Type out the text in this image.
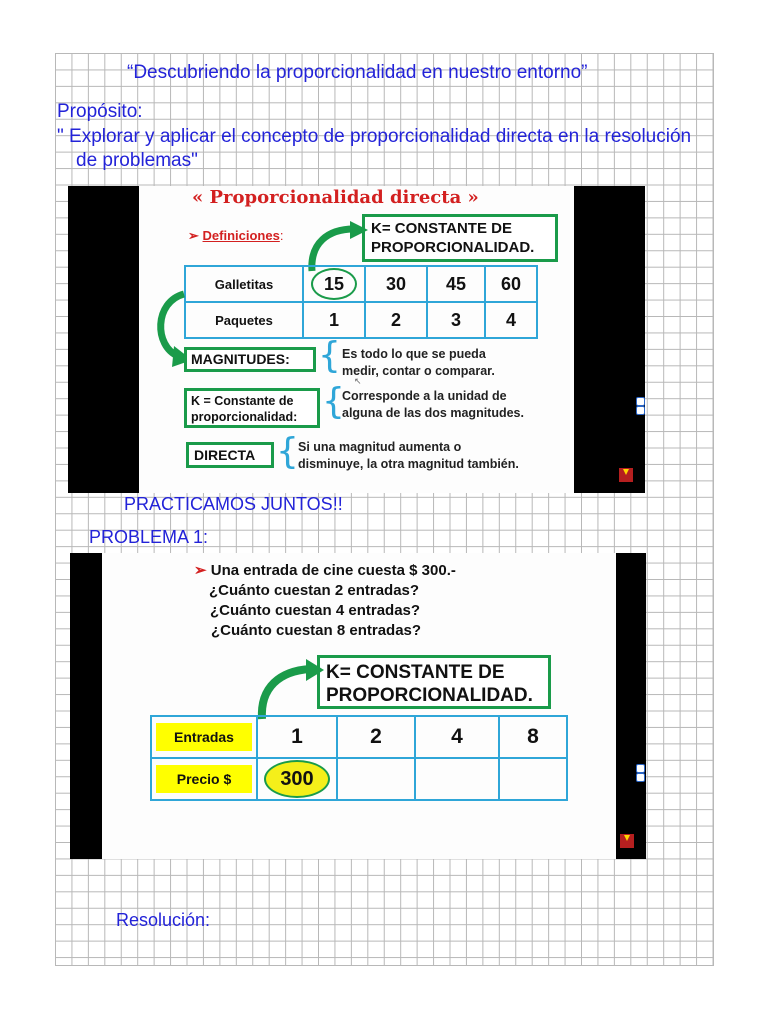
“Descubriendo la proporcionalidad en nuestro entorno”
Propósito:
" Explorar y aplicar el concepto de proporcionalidad directa en la resolución
de problemas"
« Proporcionalidad directa »
➢ Definiciones:	K= CONSTANTE DE
PROPORCIONALIDAD.
Galletitas	15	30	45	60
Paquetes	1	2	3	4
MAGNITUDES: { Es todo lo que se pueda
medir, contar o comparar.
↖
K = Constante de
proporcionalidad: {
Corresponde a la unidad de
alguna de las dos magnitudes.
DIRECTA { Si una magnitud aumenta o
disminuye, la otra magnitud también.
PRACTICAMOS JUNTOS!!
PROBLEMA 1:
➢ Una entrada de cine cuesta $ 300.-
¿Cuánto cuestan 2 entradas?
¿Cuánto cuestan 4 entradas?
¿Cuánto cuestan 8 entradas?
K= CONSTANTE DE
PROPORCIONALIDAD.
Entradas	1	2	4	8

Precio $	300			
Resolución:
